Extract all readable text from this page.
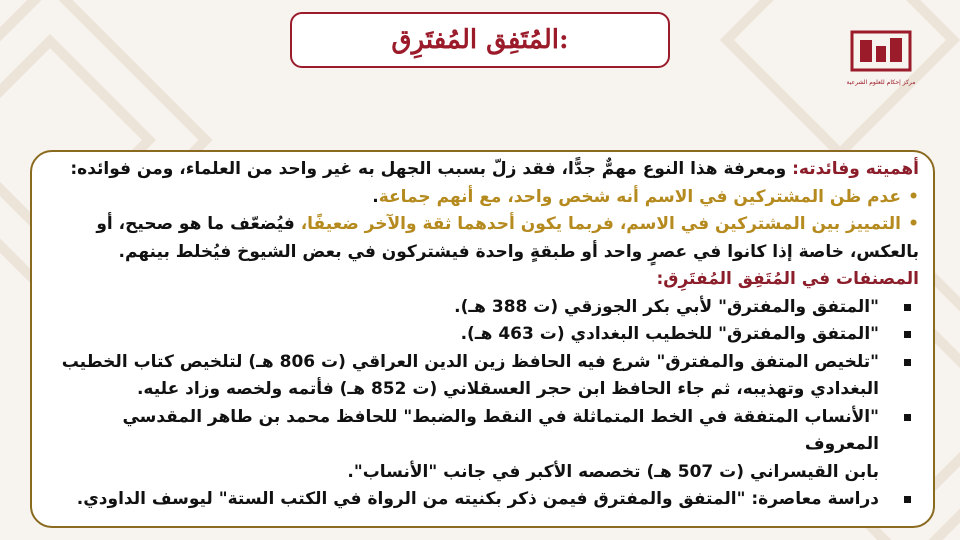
المُتَفِق المُفتَرِق:
مركز إحكام للعلوم الشرعية

أهميته وفائدته: ومعرفة هذا النوع مهمٌّ جدًّا، فقد زلّ بسبب الجهل به غير واحد من العلماء، ومن فوائده:

•
عدم ظن المشتركين في الاسم أنه شخص واحد، مع أنهم جماعة.

•
التمييز بين المشتركين في الاسم، فربما يكون أحدهما ثقة والآخر ضعيفًا، فيُضعّف ما هو صحيح، أو

بالعكس، خاصة إذا كانوا في عصرٍ واحد أو طبقةٍ واحدة فيشتركون في بعض الشيوخ فيُخلط بينهم.

المصنفات في المُتَفِق المُفتَرِق:

"المتفق والمفترق" لأبي بكر الجوزقي (ت 388 هـ).

"المتفق والمفترق" للخطيب البغدادي (ت 463 هـ).

"تلخيص المتفق والمفترق" شرع فيه الحافظ زين الدين العراقي (ت 806 هـ) لتلخيص كتاب الخطيب

البغدادي وتهذيبه، ثم جاء الحافظ ابن حجر العسقلاني (ت 852 هـ) فأتمه ولخصه وزاد عليه.

"الأنساب المتفقة في الخط المتماثلة في النقط والضبط" للحافظ محمد بن طاهر المقدسي المعروف

بابن القيسراني (ت 507 هـ) تخصصه الأكبر في جانب "الأنساب".

دراسة معاصرة: "المتفق والمفترق فيمن ذكر بكنيته من الرواة في الكتب الستة" ليوسف الداودي.
